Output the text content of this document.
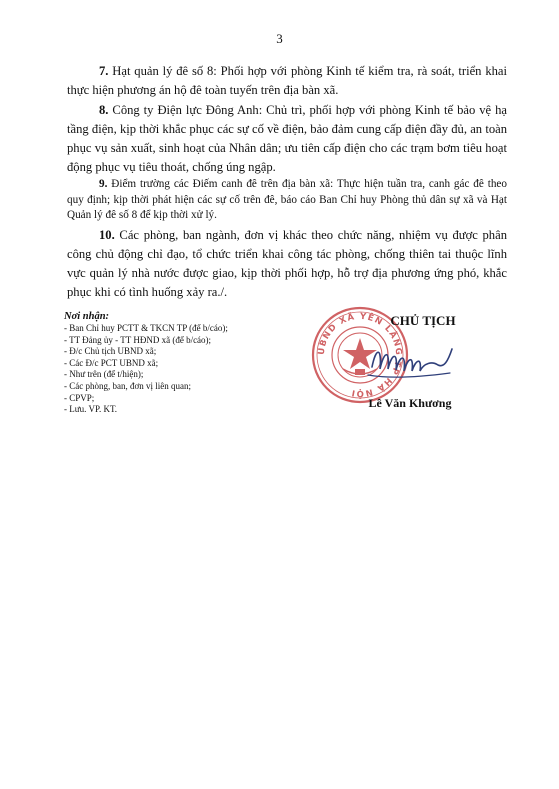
3

7. Hạt quản lý đê số 8: Phối hợp với phòng Kinh tế kiểm tra, rà soát, triển khai thực hiện phương án hộ đê toàn tuyến trên địa bàn xã.

8. Công ty Điện lực Đông Anh: Chủ trì, phối hợp với phòng Kinh tế bảo vệ hạ tầng điện, kịp thời khắc phục các sự cố về điện, bảo đảm cung cấp điện đầy đủ, an toàn phục vụ sản xuất, sinh hoạt của Nhân dân; ưu tiên cấp điện cho các trạm bơm tiêu hoạt động phục vụ tiêu thoát, chống úng ngập.

9. Điểm trường các Điếm canh đê trên địa bàn xã: Thực hiện tuần tra, canh gác đê theo quy định; kịp thời phát hiện các sự cố trên đê, báo cáo Ban Chỉ huy Phòng thủ dân sự xã và Hạt Quản lý đê số 8 để kịp thời xử lý.

10. Các phòng, ban ngành, đơn vị khác theo chức năng, nhiệm vụ được phân công chủ động chỉ đạo, tổ chức triển khai công tác phòng, chống thiên tai thuộc lĩnh vực quản lý nhà nước được giao, kịp thời phối hợp, hỗ trợ địa phương ứng phó, khắc phục khi có tình huống xảy ra./.

Nơi nhận:
- Ban Chỉ huy PCTT & TKCN TP (để b/cáo);
- TT Đảng ủy - TT HĐND xã (để b/cáo);
- Đ/c Chủ tịch UBND xã;
- Các Đ/c PCT UBND xã;
- Như trên (để t/hiện);
- Các phòng, ban, đơn vị liên quan;
- CPVP;
- Lưu. VP. KT.
UBND XÃ YÊN LÃNG TP HÀ NỘI
CHỦ TỊCH
Lê Văn Khương
